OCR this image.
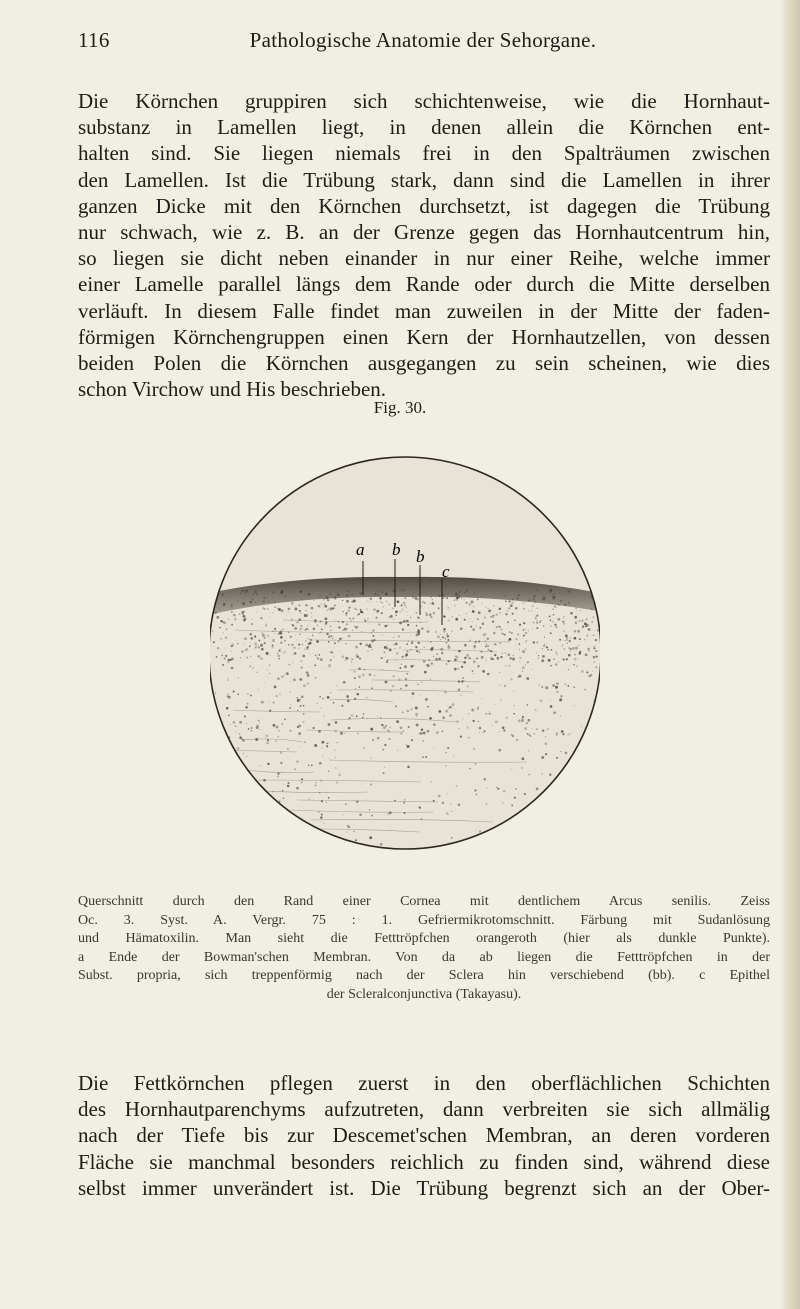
116	Pathologische Anatomie der Sehorgane.
Die Körnchen gruppiren sich schichtenweise, wie die Hornhaut-
substanz in Lamellen liegt, in denen allein die Körnchen ent-
halten sind. Sie liegen niemals frei in den Spalträumen zwischen
den Lamellen. Ist die Trübung stark, dann sind die Lamellen in ihrer
ganzen Dicke mit den Körnchen durchsetzt, ist dagegen die Trübung
nur schwach, wie z. B. an der Grenze gegen das Hornhautcentrum hin,
so liegen sie dicht neben einander in nur einer Reihe, welche immer
einer Lamelle parallel längs dem Rande oder durch die Mitte derselben
verläuft. In diesem Falle findet man zuweilen in der Mitte der faden-
förmigen Körnchengruppen einen Kern der Hornhautzellen, von dessen
beiden Polen die Körnchen ausgegangen zu sein scheinen, wie dies
schon Virchow und His beschrieben.
Fig. 30.
a b b
c
Querschnitt durch den Rand einer Cornea mit dentlichem Arcus senilis. Zeiss
Oc. 3. Syst. A. Vergr. 75 : 1. Gefriermikrotomschnitt. Färbung mit Sudanlösung
und Hämatoxilin. Man sieht die Fetttröpfchen orangeroth (hier als dunkle Punkte).
a Ende der Bowman'schen Membran. Von da ab liegen die Fetttröpfchen in der
Subst. propria, sich treppenförmig nach der Sclera hin verschiebend (bb). c Epithel
der Scleralconjunctiva (Takayasu).
Die Fettkörnchen pflegen zuerst in den oberflächlichen Schichten
des Hornhautparenchyms aufzutreten, dann verbreiten sie sich allmälig
nach der Tiefe bis zur Descemet'schen Membran, an deren vorderen
Fläche sie manchmal besonders reichlich zu finden sind, während diese
selbst immer unverändert ist. Die Trübung begrenzt sich an der Ober-
